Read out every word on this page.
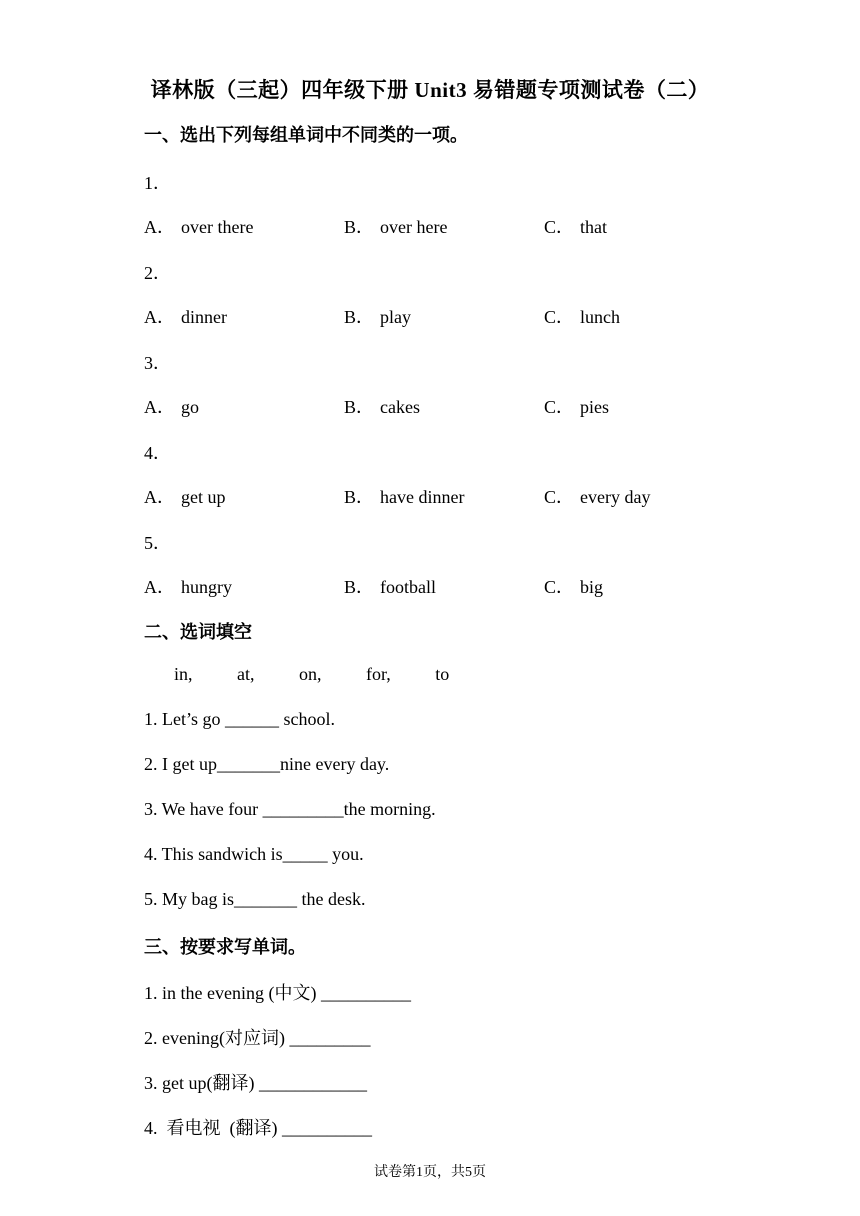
译林版（三起）四年级下册 Unit3 易错题专项测试卷（二）
一、选出下列每组单词中不同类的一项。
1．
A． over there	B． over here	C． that
2．
A． dinner	B． play	C． lunch
3．
A． go	B． cakes	C． pies
4．
A． get up	B． have dinner	C． every day
5．
A． hungry	B． football	C． big
二、选词填空
in, at, on, for, to
1. Let’s go ______ school.
2. I get up_______nine every day.
3. We have four _________the morning.
4. This sandwich is_____ you.
5. My bag is_______ the desk.
三、按要求写单词。
1. in the evening (中文) __________
2. evening(对应词) _________
3. get up(翻译) ____________
4.  看电视  (翻译) __________
试卷第1页，共5页
